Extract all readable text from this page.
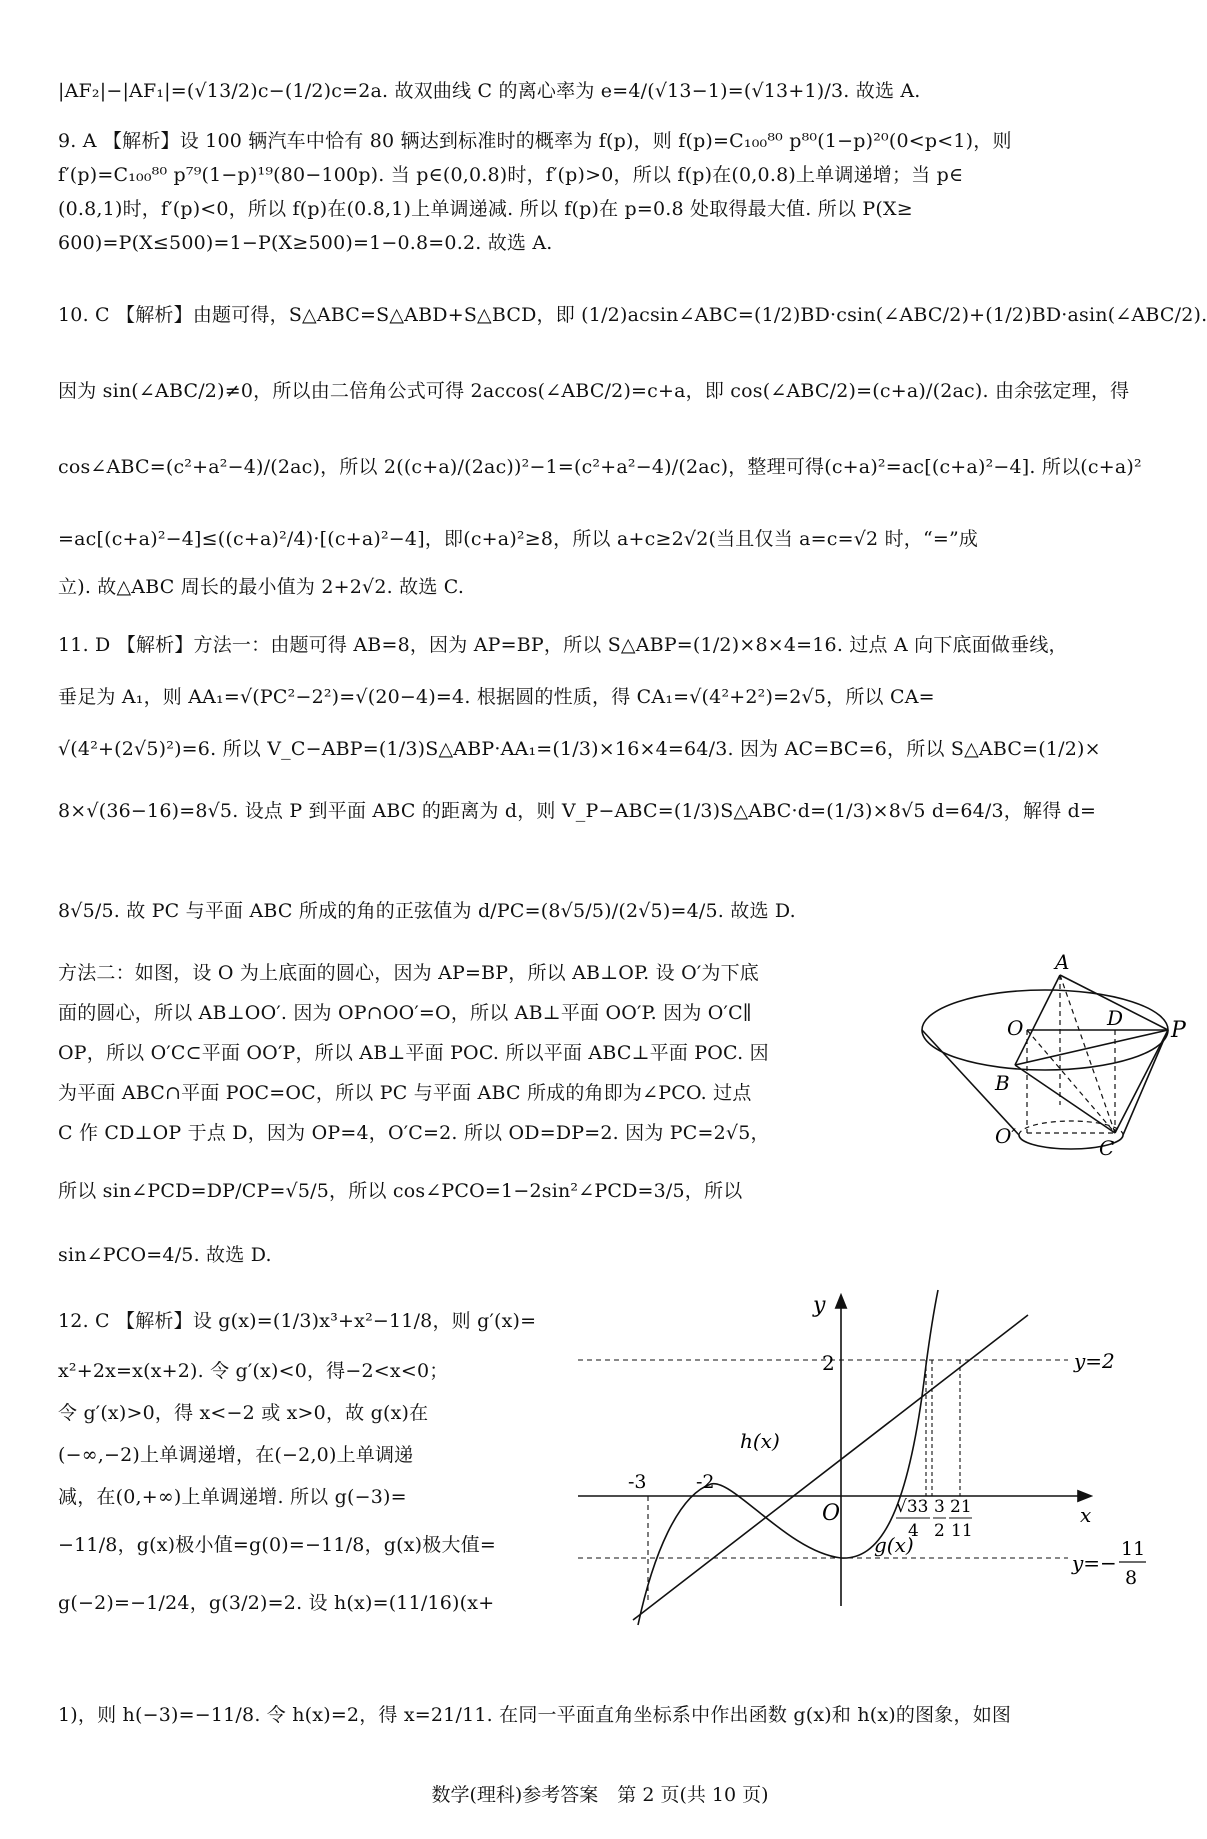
|AF₂|−|AF₁|=(√13/2)c−(1/2)c=2a. 故双曲线 C 的离心率为 e=4/(√13−1)=(√13+1)/3. 故选 A.
9. A 【解析】设 100 辆汽车中恰有 80 辆达到标准时的概率为 f(p)，则 f(p)=C₁₀₀⁸⁰ p⁸⁰(1−p)²⁰(0<p<1)，则
f′(p)=C₁₀₀⁸⁰ p⁷⁹(1−p)¹⁹(80−100p). 当 p∈(0,0.8)时，f′(p)>0，所以 f(p)在(0,0.8)上单调递增；当 p∈
(0.8,1)时，f′(p)<0，所以 f(p)在(0.8,1)上单调递减. 所以 f(p)在 p=0.8 处取得最大值. 所以 P(X≥
600)=P(X≤500)=1−P(X≥500)=1−0.8=0.2. 故选 A.
10. C 【解析】由题可得，S△ABC=S△ABD+S△BCD，即 (1/2)acsin∠ABC=(1/2)BD·csin(∠ABC/2)+(1/2)BD·asin(∠ABC/2).
因为 sin(∠ABC/2)≠0，所以由二倍角公式可得 2accos(∠ABC/2)=c+a，即 cos(∠ABC/2)=(c+a)/(2ac). 由余弦定理，得
cos∠ABC=(c²+a²−4)/(2ac)，所以 2((c+a)/(2ac))²−1=(c²+a²−4)/(2ac)，整理可得(c+a)²=ac[(c+a)²−4]. 所以(c+a)²
=ac[(c+a)²−4]≤((c+a)²/4)·[(c+a)²−4]，即(c+a)²≥8，所以 a+c≥2√2(当且仅当 a=c=√2 时，“=”成
立). 故△ABC 周长的最小值为 2+2√2. 故选 C.
11. D 【解析】方法一：由题可得 AB=8，因为 AP=BP，所以 S△ABP=(1/2)×8×4=16. 过点 A 向下底面做垂线，
垂足为 A₁，则 AA₁=√(PC²−2²)=√(20−4)=4. 根据圆的性质，得 CA₁=√(4²+2²)=2√5，所以 CA=
√(4²+(2√5)²)=6. 所以 V_C−ABP=(1/3)S△ABP·AA₁=(1/3)×16×4=64/3. 因为 AC=BC=6，所以 S△ABC=(1/2)×
8×√(36−16)=8√5. 设点 P 到平面 ABC 的距离为 d，则 V_P−ABC=(1/3)S△ABC·d=(1/3)×8√5 d=64/3，解得 d=
8√5/5. 故 PC 与平面 ABC 所成的角的正弦值为 d/PC=(8√5/5)/(2√5)=4/5. 故选 D.
方法二：如图，设 O 为上底面的圆心，因为 AP=BP，所以 AB⊥OP. 设 O′为下底
面的圆心，所以 AB⊥OO′. 因为 OP∩OO′=O，所以 AB⊥平面 OO′P. 因为 O′C∥
OP，所以 O′C⊂平面 OO′P，所以 AB⊥平面 POC. 所以平面 ABC⊥平面 POC. 因
为平面 ABC∩平面 POC=OC，所以 PC 与平面 ABC 所成的角即为∠PCO. 过点
C 作 CD⊥OP 于点 D，因为 OP=4，O′C=2. 所以 OD=DP=2. 因为 PC=2√5，
所以 sin∠PCD=DP/CP=√5/5，所以 cos∠PCO=1−2sin²∠PCD=3/5，所以
sin∠PCO=4/5. 故选 D.
12. C 【解析】设 g(x)=(1/3)x³+x²−11/8，则 g′(x)=
x²+2x=x(x+2). 令 g′(x)<0，得−2<x<0；
令 g′(x)>0，得 x<−2 或 x>0，故 g(x)在
(−∞,−2)上单调递增，在(−2,0)上单调递
减，在(0,+∞)上单调递增. 所以 g(−3)=
−11/8，g(x)极小值=g(0)=−11/8，g(x)极大值=
g(−2)=−1/24，g(3/2)=2. 设 h(x)=(11/16)(x+
1)，则 h(−3)=−11/8. 令 h(x)=2，得 x=21/11. 在同一平面直角坐标系中作出函数 g(x)和 h(x)的图象，如图
A
O	D P
B
O′	C
y
x
y=2
y=−
11
8
2
h(x)
g(x)
O
-3	-2
√33
4
3
2
21
11
数学(理科)参考答案　第 2 页(共 10 页)
